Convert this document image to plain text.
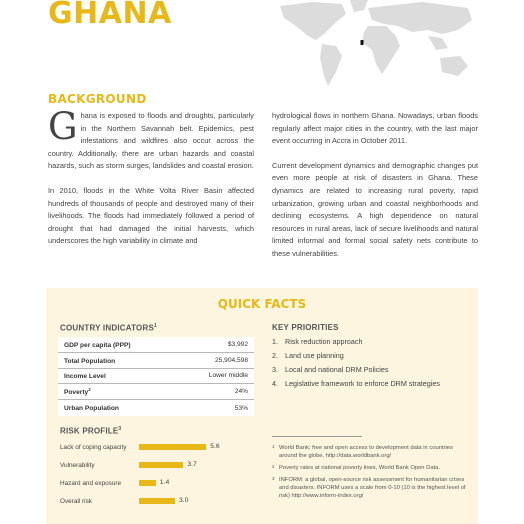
GHANA
BACKGROUND

Ghana is exposed to floods and droughts, particularly in the Northern Savannah belt. Epidemics, pest infestations and wildfires also occur across the country. Additionally, there are urban hazards and coastal hazards, such as storm surges, landslides and coastal erosion.

In 2010, floods in the White Volta River Basin affected hundreds of thousands of people and destroyed many of their livelihoods. The floods had immediately followed a period of drought that had damaged the initial harvests, which underscores the high variability in climate and

hydrological flows in northern Ghana. Nowadays, urban floods regularly affect major cities in the country, with the last major event occurring in Accra in October 2011.

Current development dynamics and demographic changes put even more people at risk of disasters in Ghana. These dynamics are related to increasing rural poverty, rapid urbanization, growing urban and coastal neighborhoods and declining ecosystems. A high dependence on natural resources in rural areas, lack of secure livelihoods and natural limited informal and formal social safety nets contribute to these vulnerabilities.

QUICK FACTS
COUNTRY INDICATORS$^1$
GDP per capita (PPP)	$3,992
Total Population	25,904,598
Income Level	Lower middle
Poverty$^2$	24%
Urban Population	53%
KEY PRIORITIES
1. Risk reduction approach
2. Land use planning
3. Local and national DRM Policies
4. Legislative framework to enforce DRM strategies
RISK PROFILE$^3$
Lack of coping capacity	5.6
Vulnerability	3.7
Hazard and exposure	1.4
Overall risk	3.0
1 World Bank; free and open access to development data in countries around the globe, http://data.worldbank.org/
2 Poverty rates at national poverty lines, World Bank Open Data.
3 INFORM: a global, open-source risk assessment for humanitarian crises and disasters. INFORM uses a scale from 0-10 (10 is the highest level of risk) http://www.inform-index.org/
